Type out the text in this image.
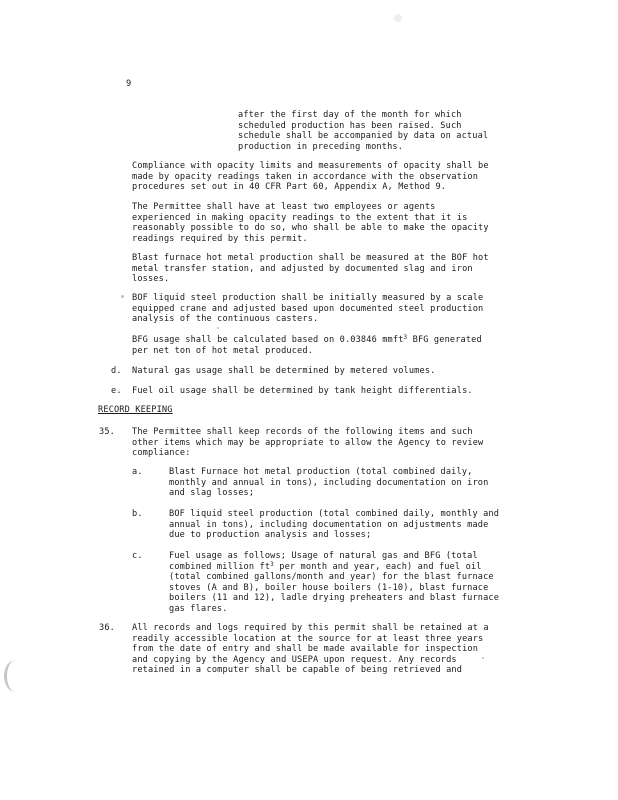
9

after the first day of the month for which

scheduled production has been raised. Such

schedule shall be accompanied by data on actual

production in preceding months.

Compliance with opacity limits and measurements of opacity shall be

made by opacity readings taken in accordance with the observation

procedures set out in 40 CFR Part 60, Appendix A, Method 9.

The Permittee shall have at least two employees or agents

experienced in making opacity readings to the extent that it is

reasonably possible to do so, who shall be able to make the opacity

readings required by this permit.

Blast furnace hot metal production shall be measured at the BOF hot

metal transfer station, and adjusted by documented slag and iron

losses.

BOF liquid steel production shall be initially measured by a scale

equipped crane and adjusted based upon documented steel production

analysis of the continuous casters.

BFG usage shall be calculated based on 0.03846 mmft$^3$ BFG generated

per net ton of hot metal produced.

d. Natural gas usage shall be determined by metered volumes.

e. Fuel oil usage shall be determined by tank height differentials.

RECORD KEEPING
35. The Permittee shall keep records of the following items and such

other items which may be appropriate to allow the Agency to review

compliance:

a.	Blast Furnace hot metal production (total combined daily,

monthly and annual in tons), including documentation on iron

and slag losses;

b.	BOF liquid steel production (total combined daily, monthly and

annual in tons), including documentation on adjustments made

due to production analysis and losses;

c.	Fuel usage as follows; Usage of natural gas and BFG (total

combined million $ft^3$ per month and year, each) and fuel oil

(total combined gallons/month and year) for the blast furnace

stoves (A and B), boiler house boilers (1-10), blast furnace

boilers (11 and 12), ladle drying preheaters and blast furnace

gas flares.

36. All records and logs required by this permit shall be retained at a

readily accessible location at the source for at least three years

from the date of entry and shall be made available for inspection

and copying by the Agency and USEPA upon request. Any records

retained in a computer shall be capable of being retrieved and
